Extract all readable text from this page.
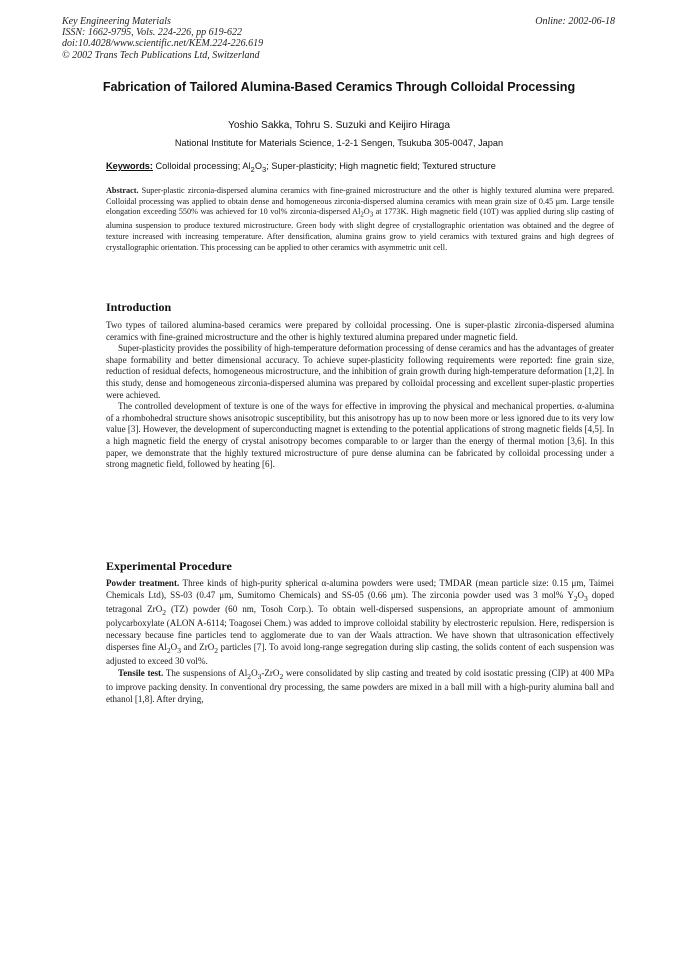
Key Engineering Materials
ISSN: 1662-9795, Vols. 224-226, pp 619-622
doi:10.4028/www.scientific.net/KEM.224-226.619
© 2002 Trans Tech Publications Ltd, Switzerland
Online: 2002-06-18
Fabrication of Tailored Alumina-Based Ceramics Through Colloidal Processing
Yoshio Sakka, Tohru S. Suzuki and Keijiro Hiraga
National Institute for Materials Science, 1-2-1 Sengen, Tsukuba 305-0047, Japan
Keywords: Colloidal processing; $Al_2O_3$; Super-plasticity; High magnetic field; Textured structure
Abstract. Super-plastic zirconia-dispersed alumina ceramics with fine-grained microstructure and the other is highly textured alumina were prepared. Colloidal processing was applied to obtain dense and homogeneous zirconia-dispersed alumina ceramics with mean grain size of 0.45 μm. Large tensile elongation exceeding 550% was achieved for 10 vol% zirconia-dispersed $Al_2O_3$ at 1773K. High magnetic field (10T) was applied during slip casting of alumina suspension to produce textured microstructure. Green body with slight degree of crystallographic orientation was obtained and the degree of texture increased with increasing temperature. After densification, alumina grains grow to yield ceramics with textured grains and high degrees of crystallographic orientation. This processing can be applied to other ceramics with asymmetric unit cell.
Introduction

Two types of tailored alumina-based ceramics were prepared by colloidal processing. One is super-plastic zirconia-dispersed alumina ceramics with fine-grained microstructure and the other is highly textured alumina prepared under magnetic field.

Super-plasticity provides the possibility of high-temperature deformation processing of dense ceramics and has the advantages of greater shape formability and better dimensional accuracy. To achieve super-plasticity following requirements were reported: fine grain size, reduction of residual defects, homogeneous microstructure, and the inhibition of grain growth during high-temperature deformation [1,2]. In this study, dense and homogeneous zirconia-dispersed alumina was prepared by colloidal processing and excellent super-plastic properties were achieved.

The controlled development of texture is one of the ways for effective in improving the physical and mechanical properties. α-alumina of a rhombohedral structure shows anisotropic susceptibility, but this anisotropy has up to now been more or less ignored due to its very low value [3]. However, the development of superconducting magnet is extending to the potential applications of strong magnetic fields [4,5]. In a high magnetic field the energy of crystal anisotropy becomes comparable to or larger than the energy of thermal motion [3,6]. In this paper, we demonstrate that the highly textured microstructure of pure dense alumina can be fabricated by colloidal processing under a strong magnetic field, followed by heating [6].

Experimental Procedure

Powder treatment. Three kinds of high-purity spherical α-alumina powders were used; TMDAR (mean particle size: 0.15 μm, Taimei Chemicals Ltd), SS-03 (0.47 μm, Sumitomo Chemicals) and SS-05 (0.66 μm). The zirconia powder used was 3 mol% $Y_2O_3$ doped tetragonal ZrO$_2$ (TZ) powder (60 nm, Tosoh Corp.). To obtain well-dispersed suspensions, an appropriate amount of ammonium polycarboxylate (ALON A-6114; Toagosei Chem.) was added to improve colloidal stability by electrosteric repulsion. Here, redispersion is necessary because fine particles tend to agglomerate due to van der Waals attraction. We have shown that ultrasonication effectively disperses fine $Al_2O_3$ and ZrO$_2$ particles [7]. To avoid long-range segregation during slip casting, the solids content of each suspension was adjusted to exceed 30 vol%.

Tensile test. The suspensions of $Al_2O_3-ZrO_2$ were consolidated by slip casting and treated by cold isostatic pressing (CIP) at 400 MPa to improve packing density. In conventional dry processing, the same powders are mixed in a ball mill with a high-purity alumina ball and ethanol [1,8]. After drying,
